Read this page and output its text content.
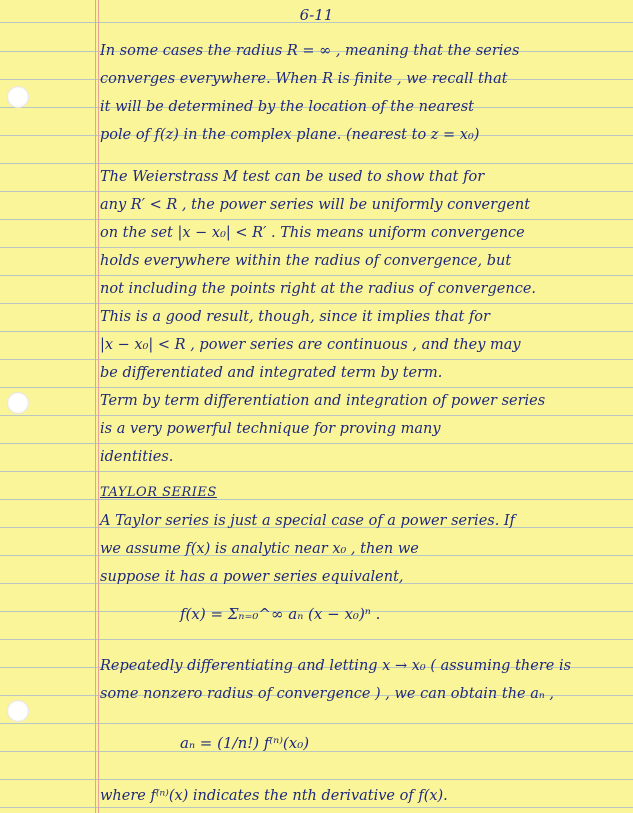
6-11
In some cases the radius R = ∞ , meaning that the series
converges everywhere. When R is finite , we recall that
it will be determined by the location of the nearest
pole of f(z) in the complex plane. (nearest to z = x₀)
The Weierstrass M test can be used to show that for
any R′ < R , the power series will be uniformly convergent
on the set |x − x₀| < R′ . This means uniform convergence
holds everywhere within the radius of convergence, but
not including the points right at the radius of convergence.
This is a good result, though, since it implies that for
|x − x₀| < R , power series are continuous , and they may
be differentiated and integrated term by term.
Term by term differentiation and integration of power series
is a very powerful technique for proving many
identities.
TAYLOR SERIES
A Taylor series is just a special case of a power series. If
we assume f(x) is analytic near x₀ , then we
suppose it has a power series equivalent,
f(x) = Σₙ₌₀^∞ aₙ (x − x₀)ⁿ .
Repeatedly differentiating and letting x → x₀ ( assuming there is
some nonzero radius of convergence ) , we can obtain the aₙ ,
aₙ = (1/n!) f⁽ⁿ⁾(x₀)
where f⁽ⁿ⁾(x) indicates the nth derivative of f(x).
